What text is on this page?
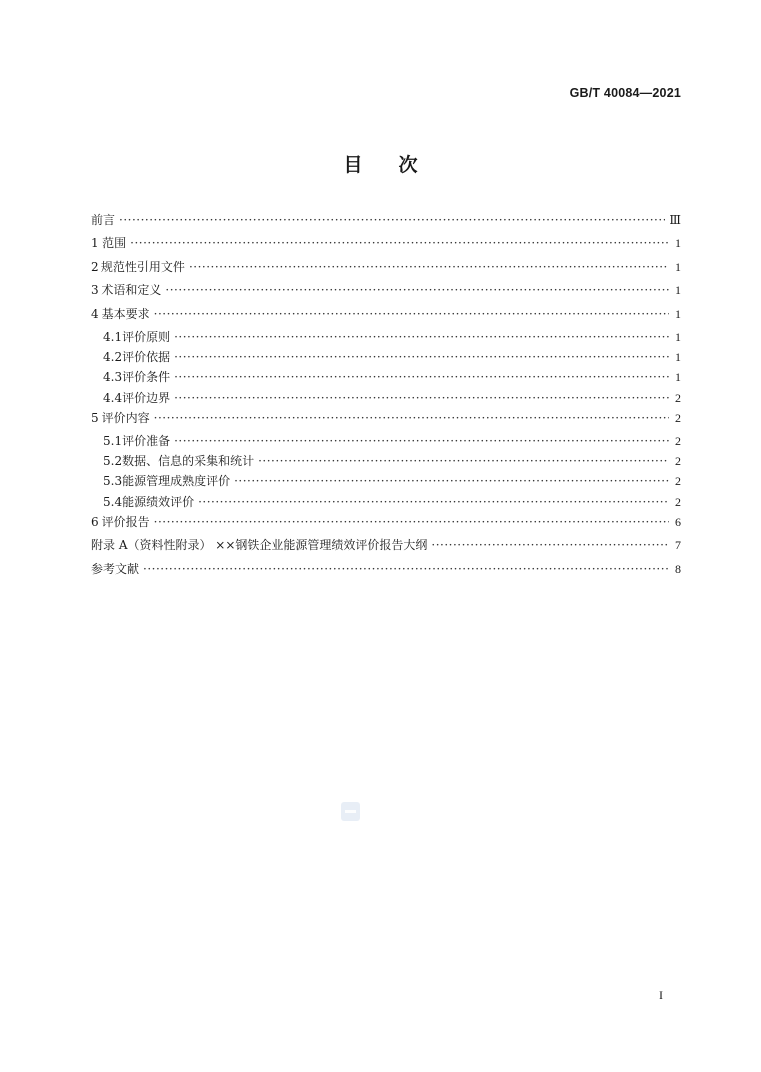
GB/T 40084—2021
目次
前言 ·····	Ⅲ
1 范围 ·····	1
2 规范性引用文件 ·····	1
3 术语和定义 ·····	1
4 基本要求 ·····	1
4.1 评价原则 ·····	1
4.2 评价依据 ·····	1
4.3 评价条件 ·····	1
4.4 评价边界 ·····	2
5 评价内容 ·····	2
5.1 评价准备 ·····	2
5.2 数据、信息的采集和统计 ·····	2
5.3 能源管理成熟度评价 ·····	2
5.4 能源绩效评价 ·····	2
6 评价报告 ·····	6
附录 A（资料性附录） ××钢铁企业能源管理绩效评价报告大纲 ·····	7
参考文献 ·····	8
I
